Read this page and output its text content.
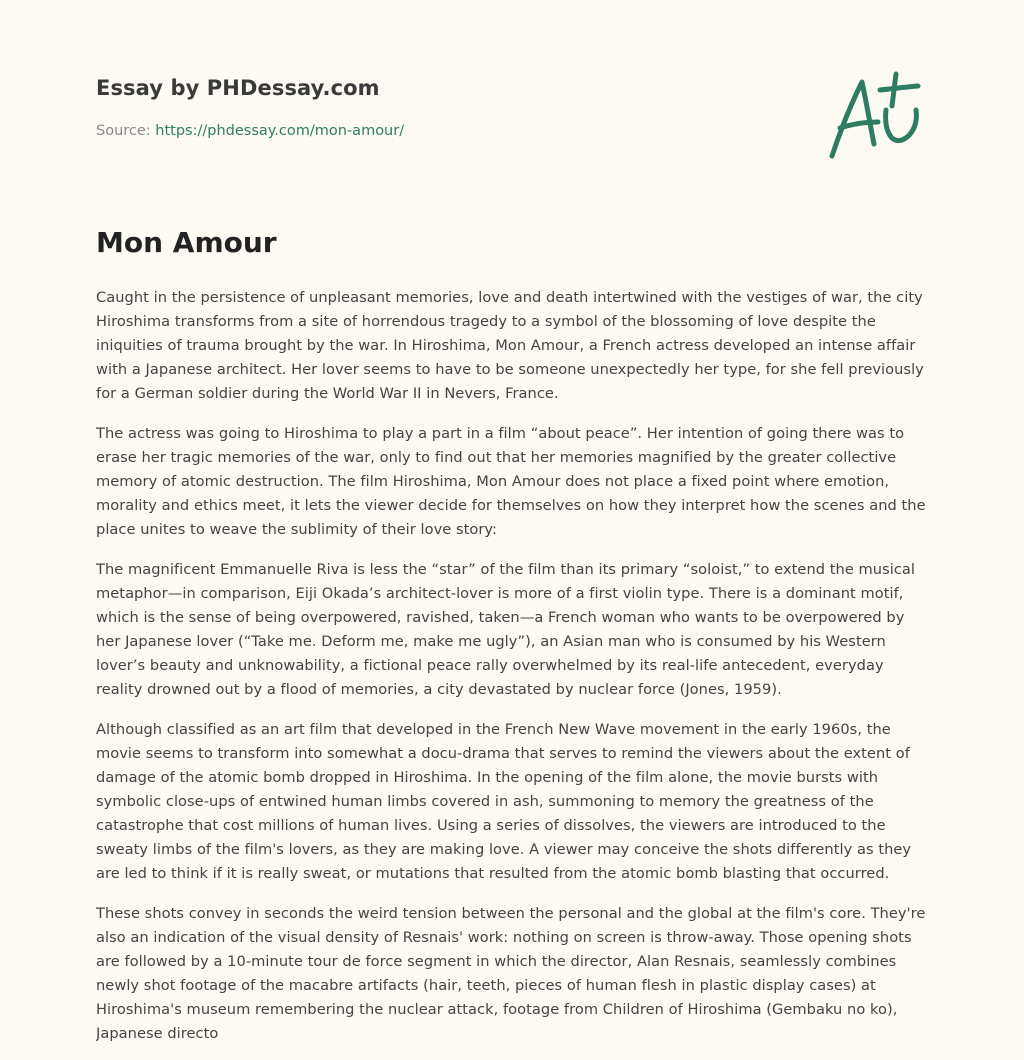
Essay by PHDessay.com
Source: https://phdessay.com/mon-amour/
Mon Amour

Caught in the persistence of unpleasant memories, love and death intertwined with the vestiges of war, the city Hiroshima transforms from a site of horrendous tragedy to a symbol of the blossoming of love despite the iniquities of trauma brought by the war. In Hiroshima, Mon Amour, a French actress developed an intense affair with a Japanese architect. Her lover seems to have to be someone unexpectedly her type, for she fell previously for a German soldier during the World War II in Nevers, France.

The actress was going to Hiroshima to play a part in a film “about peace”. Her intention of going there was to erase her tragic memories of the war, only to find out that her memories magnified by the greater collective memory of atomic destruction. The film Hiroshima, Mon Amour does not place a fixed point where emotion, morality and ethics meet, it lets the viewer decide for themselves on how they interpret how the scenes and the place unites to weave the sublimity of their love story:

The magnificent Emmanuelle Riva is less the “star” of the film than its primary “soloist,” to extend the musical metaphor—in comparison, Eiji Okada’s architect-lover is more of a first violin type. There is a dominant motif, which is the sense of being overpowered, ravished, taken—a French woman who wants to be overpowered by her Japanese lover (“Take me. Deform me, make me ugly”), an Asian man who is consumed by his Western lover’s beauty and unknowability, a fictional peace rally overwhelmed by its real-life antecedent, everyday reality drowned out by a flood of memories, a city devastated by nuclear force (Jones, 1959).

Although classified as an art film that developed in the French New Wave movement in the early 1960s, the movie seems to transform into somewhat a docu-drama that serves to remind the viewers about the extent of damage of the atomic bomb dropped in Hiroshima. In the opening of the film alone, the movie bursts with symbolic close-ups of entwined human limbs covered in ash, summoning to memory the greatness of the catastrophe that cost millions of human lives. Using a series of dissolves, the viewers are introduced to the sweaty limbs of the film's lovers, as they are making love. A viewer may conceive the shots differently as they are led to think if it is really sweat, or mutations that resulted from the atomic bomb blasting that occurred.

These shots convey in seconds the weird tension between the personal and the global at the film's core. They're also an indication of the visual density of Resnais' work: nothing on screen is throw-away. Those opening shots are followed by a 10-minute tour de force segment in which the director, Alan Resnais, seamlessly combines newly shot footage of the macabre artifacts (hair, teeth, pieces of human flesh in plastic display cases) at Hiroshima's museum remembering the nuclear attack, footage from Children of Hiroshima (Gembaku no ko), Japanese directo
